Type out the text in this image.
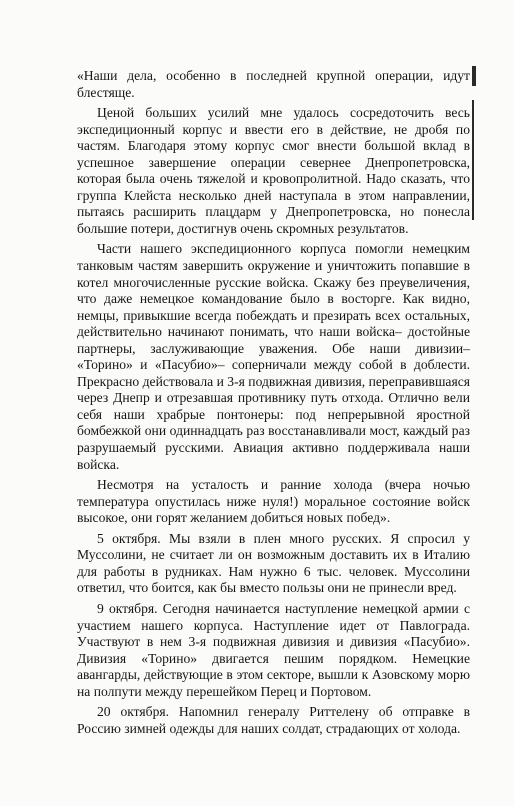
«Наши дела, особенно в последней крупной операции, идут блестяще.

Ценой больших усилий мне удалось сосредоточить весь экспедиционный корпус и ввести его в действие, не дробя по частям. Благодаря этому корпус смог внести большой вклад в успешное завершение операции севернее Днепропетровска, которая была очень тяжелой и кровопролитной. Надо сказать, что группа Клейста несколько дней наступала в этом направлении, пытаясь расширить плацдарм у Днепропетровска, но понесла большие потери, достигнув очень скромных результатов.

Части нашего экспедиционного корпуса помогли немецким танковым частям завершить окружение и уничтожить попавшие в котел многочисленные русские войска. Скажу без преувеличения, что даже немецкое командование было в восторге. Как видно, немцы, привыкшие всегда побеждать и презирать всех остальных, действительно начинают понимать, что наши войска– достойные партнеры, заслуживающие уважения. Обе наши дивизии– «Торино» и «Пасубио»– соперничали между собой в доблести. Прекрасно действовала и 3-я подвижная дивизия, переправившаяся через Днепр и отрезавшая противнику путь отхода. Отлично вели себя наши храбрые понтонеры: под непрерывной яростной бомбежкой они одиннадцать раз восстанавливали мост, каждый раз разрушаемый русскими. Авиация активно поддерживала наши войска.

Несмотря на усталость и ранние холода (вчера ночью температура опустилась ниже нуля!) моральное состояние войск высокое, они горят желанием добиться новых побед».

5 октября. Мы взяли в плен много русских. Я спросил у Муссолини, не считает ли он возможным доставить их в Италию для работы в рудниках. Нам нужно 6 тыс. человек. Муссолини ответил, что боится, как бы вместо пользы они не принесли вред.

9 октября. Сегодня начинается наступление немецкой армии с участием нашего корпуса. Наступление идет от Павлограда. Участвуют в нем 3-я подвижная дивизия и дивизия «Пасубио». Дивизия «Торино» двигается пешим порядком. Немецкие авангарды, действующие в этом секторе, вышли к Азовскому морю на полпути между перешейком Перец и Портовом.

20 октября. Напомнил генералу Риттелену об отправке в Россию зимней одежды для наших солдат, страдающих от холода.
